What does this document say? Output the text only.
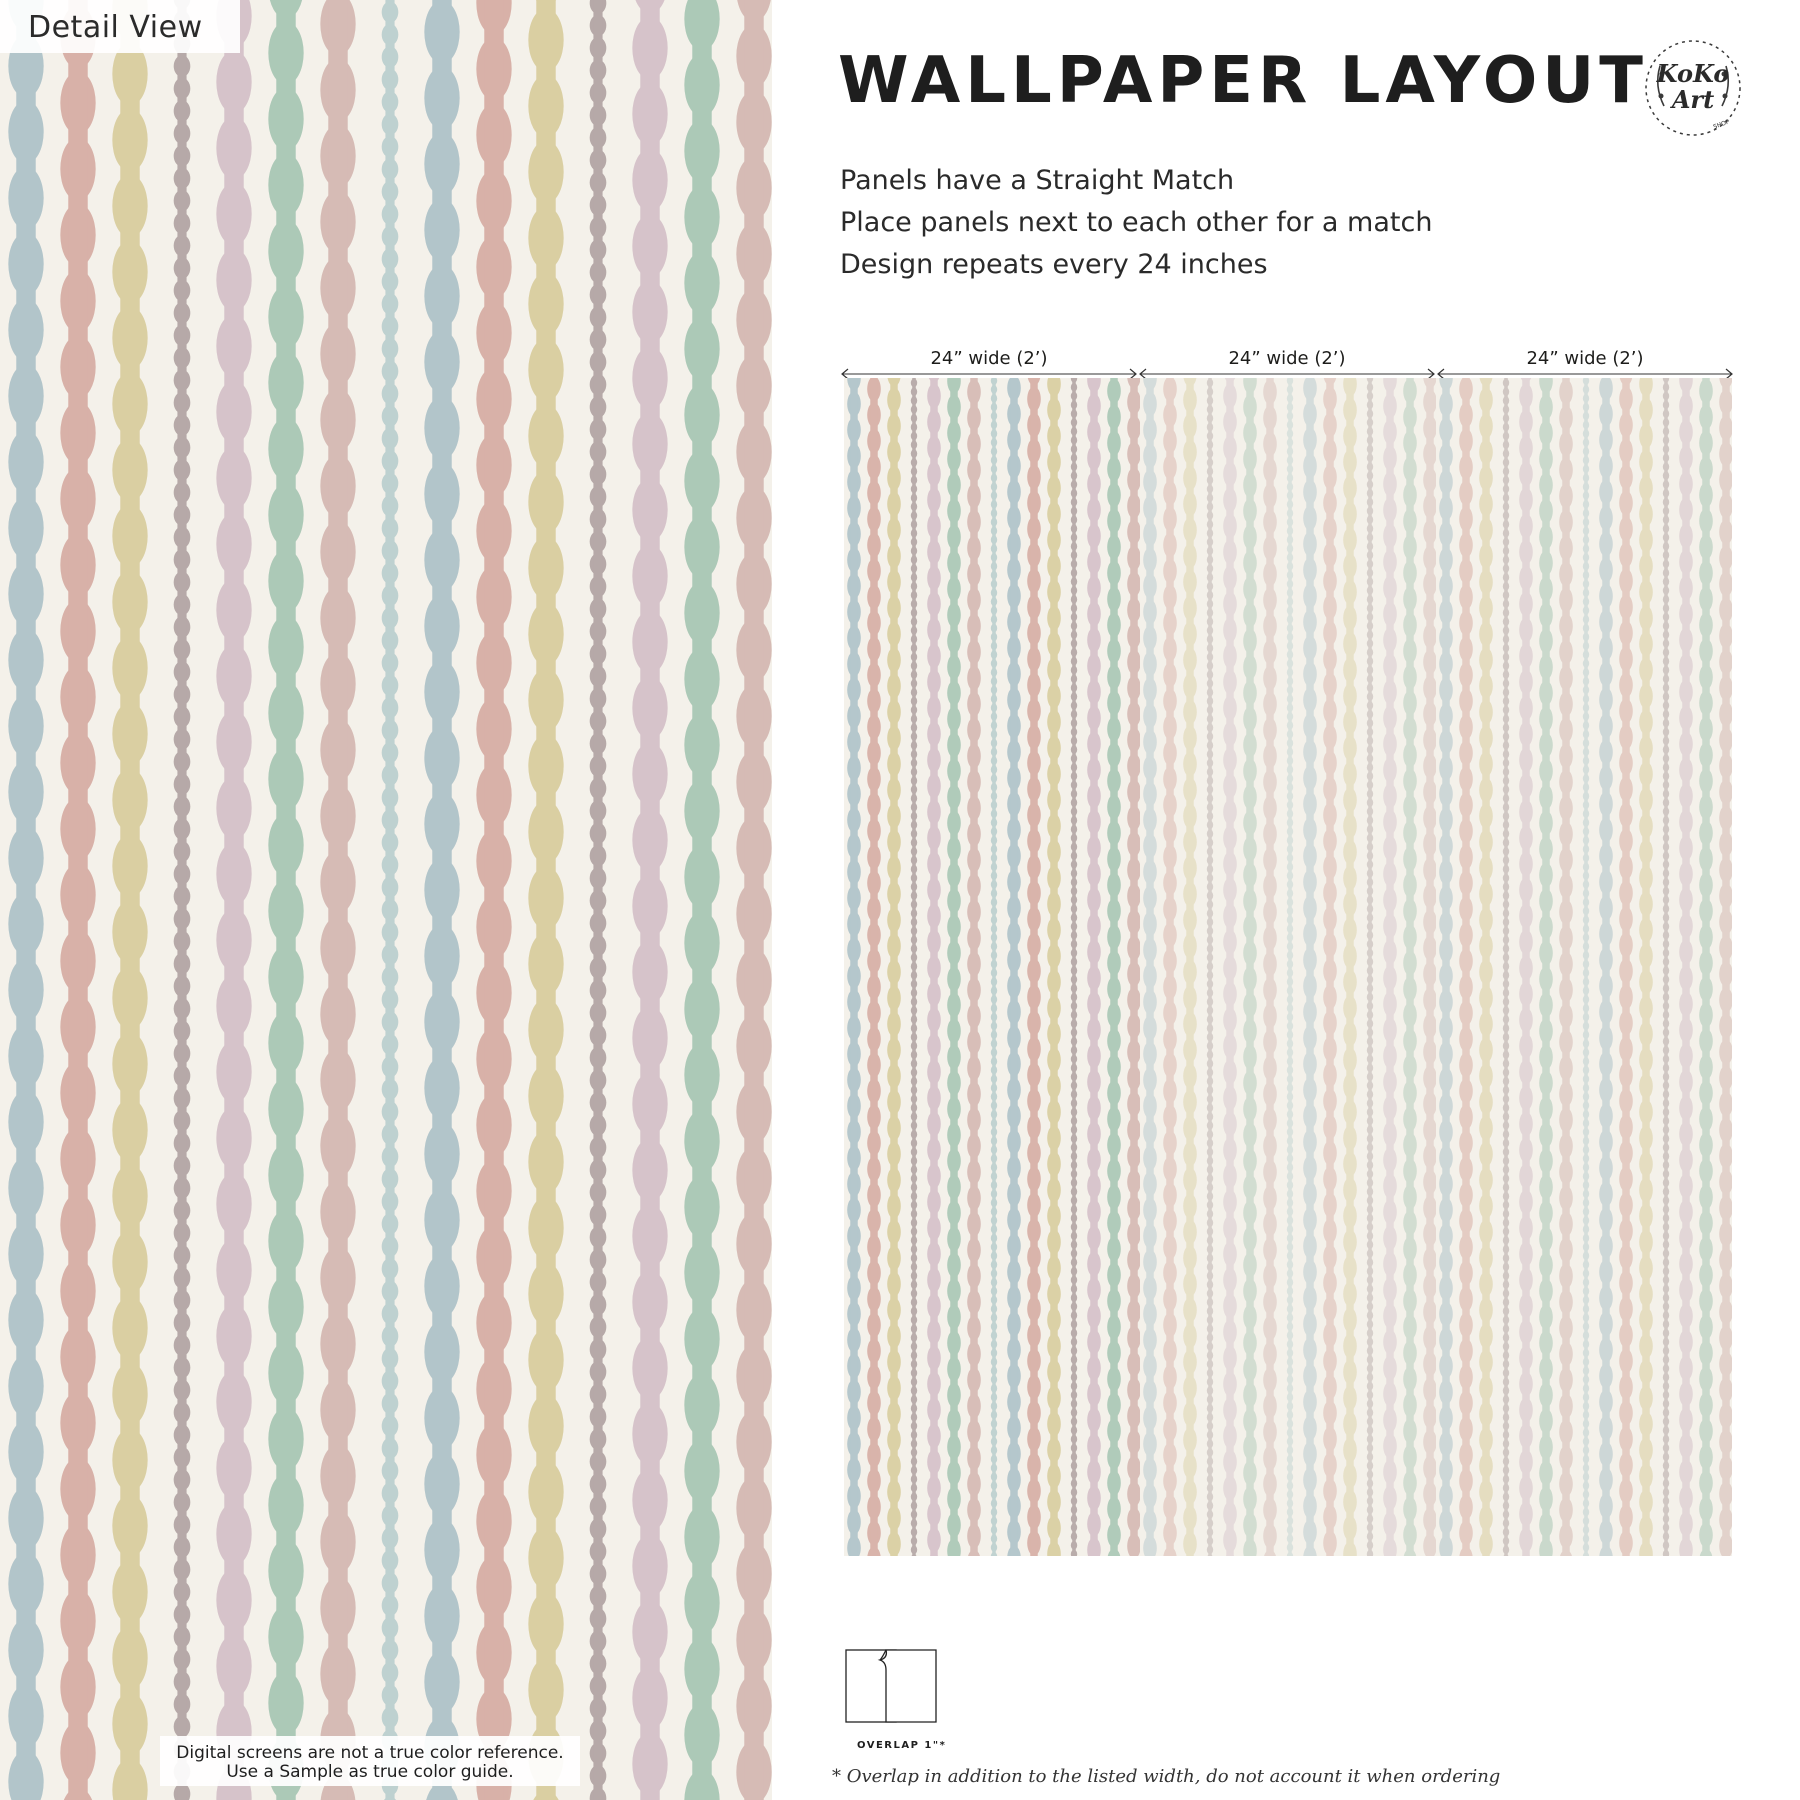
Detail View
Digital screens are not a true color reference.
Use a Sample as true color guide.
WALLPAPER LAYOUT KoKo
Art
SHOP
Panels have a Straight Match
Place panels next to each other for a match
Design repeats every 24 inches
24” wide (2’)	24” wide (2’)	24” wide (2’)
OVERLAP 1"*
* Overlap in addition to the listed width, do not account it when ordering
